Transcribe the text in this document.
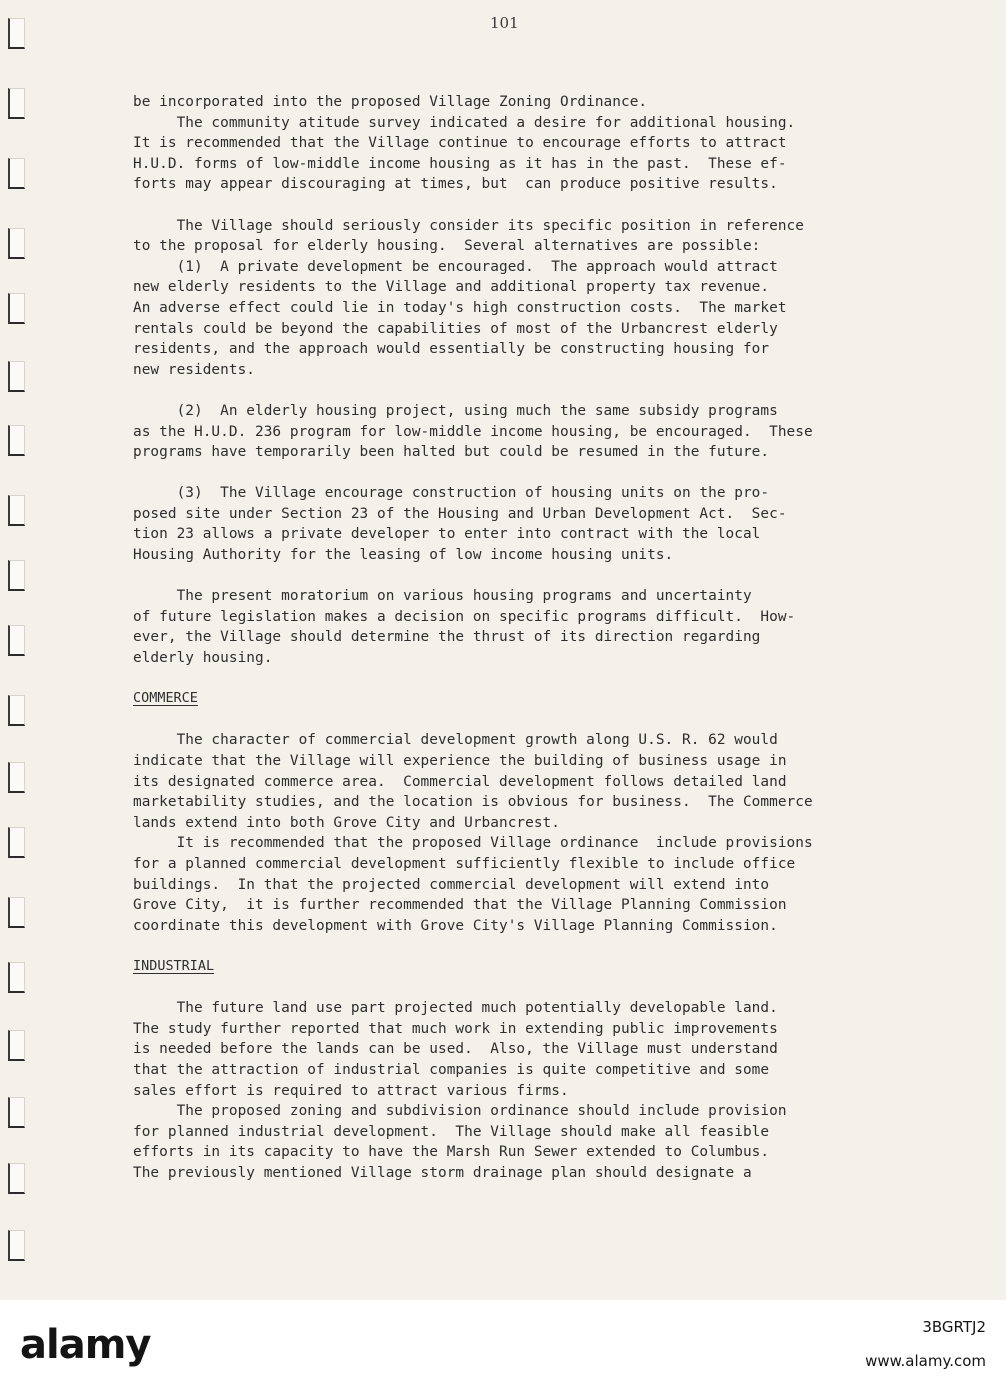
101
be incorporated into the proposed Village Zoning Ordinance.
The community atitude survey indicated a desire for additional housing.
It is recommended that the Village continue to encourage efforts to attract
H.U.D. forms of low-middle income housing as it has in the past.  These ef-
forts may appear discouraging at times, but  can produce positive results.
The Village should seriously consider its specific position in reference
to the proposal for elderly housing.  Several alternatives are possible:
(1)  A private development be encouraged.  The approach would attract
new elderly residents to the Village and additional property tax revenue.
An adverse effect could lie in today's high construction costs.  The market
rentals could be beyond the capabilities of most of the Urbancrest elderly
residents, and the approach would essentially be constructing housing for
new residents.
(2)  An elderly housing project, using much the same subsidy programs
as the H.U.D. 236 program for low-middle income housing, be encouraged.  These
programs have temporarily been halted but could be resumed in the future.
(3)  The Village encourage construction of housing units on the pro-
posed site under Section 23 of the Housing and Urban Development Act.  Sec-
tion 23 allows a private developer to enter into contract with the local
Housing Authority for the leasing of low income housing units.
The present moratorium on various housing programs and uncertainty
of future legislation makes a decision on specific programs difficult.  How-
ever, the Village should determine the thrust of its direction regarding
elderly housing.
COMMERCE
The character of commercial development growth along U.S. R. 62 would
indicate that the Village will experience the building of business usage in
its designated commerce area.  Commercial development follows detailed land
marketability studies, and the location is obvious for business.  The Commerce
lands extend into both Grove City and Urbancrest.
It is recommended that the proposed Village ordinance  include provisions
for a planned commercial development sufficiently flexible to include office
buildings.  In that the projected commercial development will extend into
Grove City,  it is further recommended that the Village Planning Commission
coordinate this development with Grove City's Village Planning Commission.
INDUSTRIAL
The future land use part projected much potentially developable land.
The study further reported that much work in extending public improvements
is needed before the lands can be used.  Also, the Village must understand
that the attraction of industrial companies is quite competitive and some
sales effort is required to attract various firms.
The proposed zoning and subdivision ordinance should include provision
for planned industrial development.  The Village should make all feasible
efforts in its capacity to have the Marsh Run Sewer extended to Columbus.
The previously mentioned Village storm drainage plan should designate a
alamy	3BGRTJ2
www.alamy.com
